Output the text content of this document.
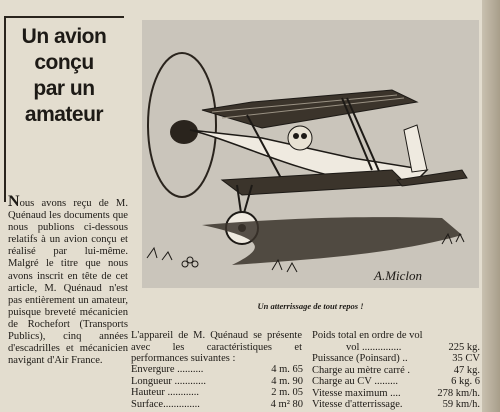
Un avion
conçu
par un
amateur
Nous avons reçu de M. Quénaud les documents que nous publions ci-dessous relatifs à un avion conçu et réalisé par lui-même. Malgré le titre que nous avons inscrit en tête de cet article, M. Quénaud n'est pas entièrement un amateur, puisque breveté mécanicien de Rochefort (Transports Publics), cinq années d'escadrilles et mécanicien navigant d'Air France.
A.Miclon
Un atterrissage de tout repos !
L'appareil de M. Quénaud se présente avec les caractéristiques et performances suivantes :
Envergure ..........	4 m. 65
Longueur ............	4 m. 90
Hauteur ............	2 m. 05
Surface..............	4 m² 80
Poids total en ordre de vol
vol ...............	225 kg.
Puissance (Poinsard) ..	35 CV
Charge au mètre carré .	47 kg.
Charge au CV .........	6 kg. 6
Vitesse maximum ....	278 km/h.
Vitesse d'atterrissage.	59 km/h.
